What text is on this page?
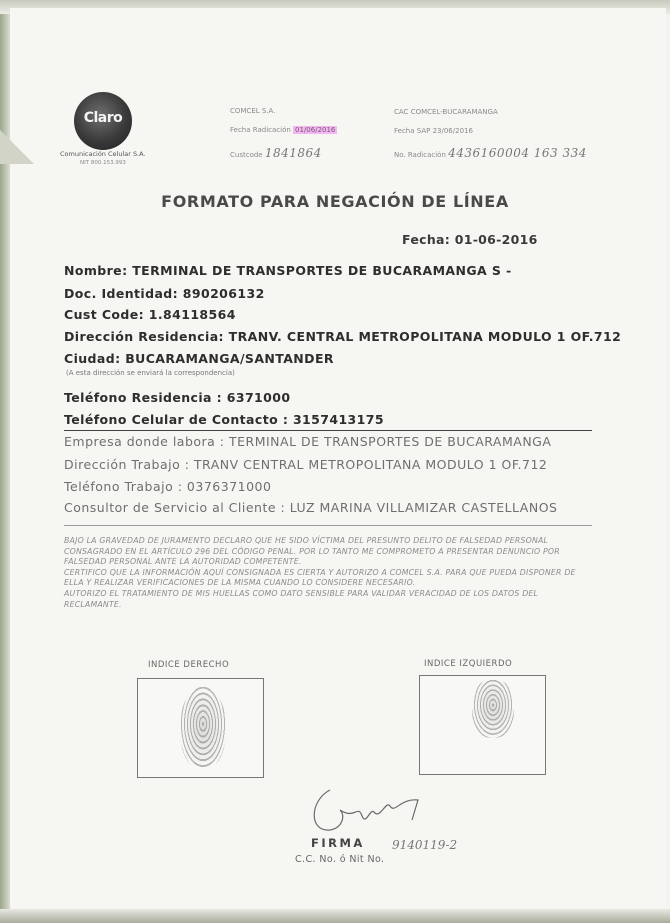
Claro
Comunicación Celular S.A.
NIT 800.153.993
COMCEL S.A.
Fecha Radicación 01/06/2016
Custcode 1841864
CAC COMCEL-BUCARAMANGA
Fecha SAP 23/06/2016
No. Radicación 4436160004 163 334
FORMATO PARA NEGACIÓN DE LÍNEA
Fecha: 01-06-2016
Nombre: TERMINAL DE TRANSPORTES DE BUCARAMANGA S -
Doc. Identidad: 890206132
Cust Code: 1.84118564
Dirección Residencia: TRANV. CENTRAL METROPOLITANA MODULO 1 OF.712
Ciudad: BUCARAMANGA/SANTANDER
(A esta dirección se enviará la correspondencia)
Teléfono Residencia : 6371000
Teléfono Celular de Contacto : 3157413175
Empresa donde labora : TERMINAL DE TRANSPORTES DE BUCARAMANGA
Dirección Trabajo : TRANV CENTRAL METROPOLITANA MODULO 1 OF.712
Teléfono Trabajo : 0376371000
Consultor de Servicio al Cliente : LUZ MARINA VILLAMIZAR CASTELLANOS

BAJO LA GRAVEDAD DE JURAMENTO DECLARO QUE HE SIDO VÍCTIMA DEL PRESUNTO DELITO DE FALSEDAD PERSONAL CONSAGRADO EN EL ARTÍCULO 296 DEL CÓDIGO PENAL. POR LO TANTO ME COMPROMETO A PRESENTAR DENUNCIO POR FALSEDAD PERSONAL ANTE LA AUTORIDAD COMPETENTE.

CERTIFICO QUE LA INFORMACIÓN AQUÍ CONSIGNADA ES CIERTA Y AUTORIZO A COMCEL S.A. PARA QUE PUEDA DISPONER DE ELLA Y REALIZAR VERIFICACIONES DE LA MISMA CUANDO LO CONSIDERE NECESARIO.

AUTORIZO EL TRATAMIENTO DE MIS HUELLAS COMO DATO SENSIBLE PARA VALIDAR VERACIDAD DE LOS DATOS DEL RECLAMANTE.

INDICE DERECHO	INDICE IZQUIERDO
FIRMA 9140119-2
C.C. No. ó Nit No.
